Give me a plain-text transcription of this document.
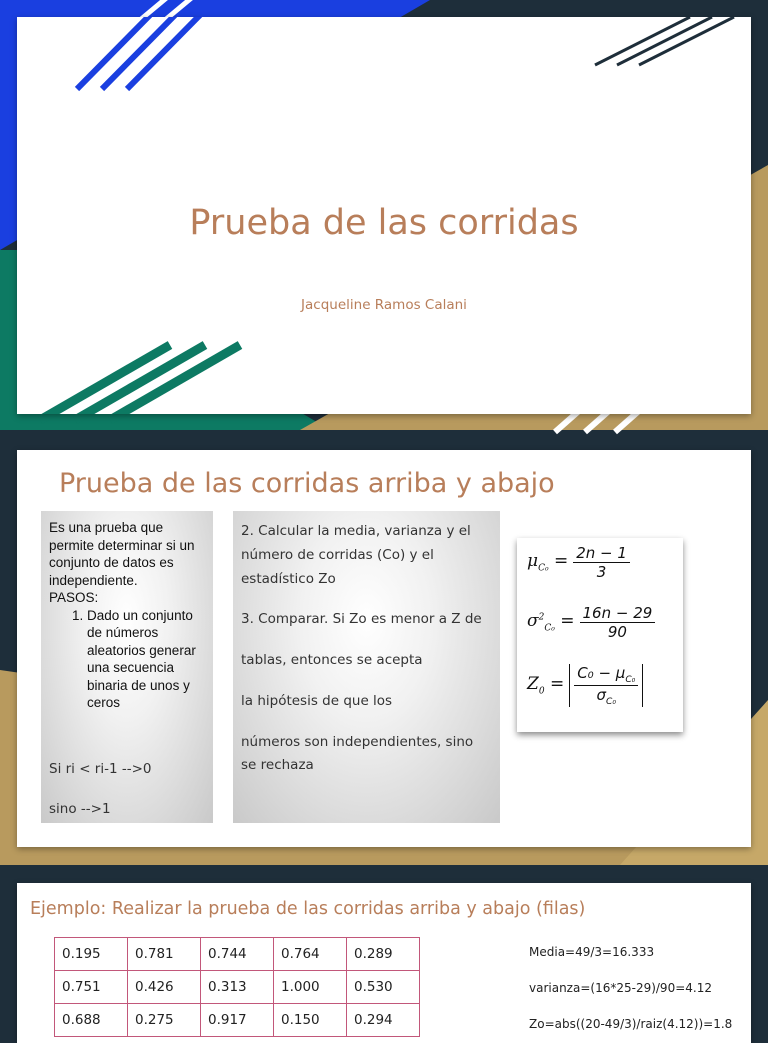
Prueba de las corridas
Jacqueline Ramos Calani
Prueba de las corridas arriba y abajo
Es una prueba que permite determinar si un conjunto de datos es independiente.
PASOS:
1. Dado un conjunto de números aleatorios generar una secuencia binaria de unos y ceros
Si ri < ri-1 -->0
sino -->1
2. Calcular la media, varianza y el
número de corridas (Co) y el
estadístico Zo
3. Comparar. Si Zo es menor a Z de
tablas, entonces se acepta
la hipótesis de que los
números son independientes, sino
se rechaza
$\mu_{C_0} = \frac{2n - 1}{3}$
$\sigma^2_{C_0} = \frac{16n - 29}{90}$
$Z_0 = \frac{C_0 - \mu_{C_0}}{\sigma_{C_0}}$
Ejemplo: Realizar la prueba de las corridas arriba y abajo (filas)
0.195	0.781	0.744	0.764	0.289
0.751	0.426	0.313	1.000	0.530
0.688	0.275	0.917	0.150	0.294
Media=49/3=16.333
varianza=(16*25-29)/90=4.12
Zo=abs((20-49/3)/raiz(4.12))=1.8
